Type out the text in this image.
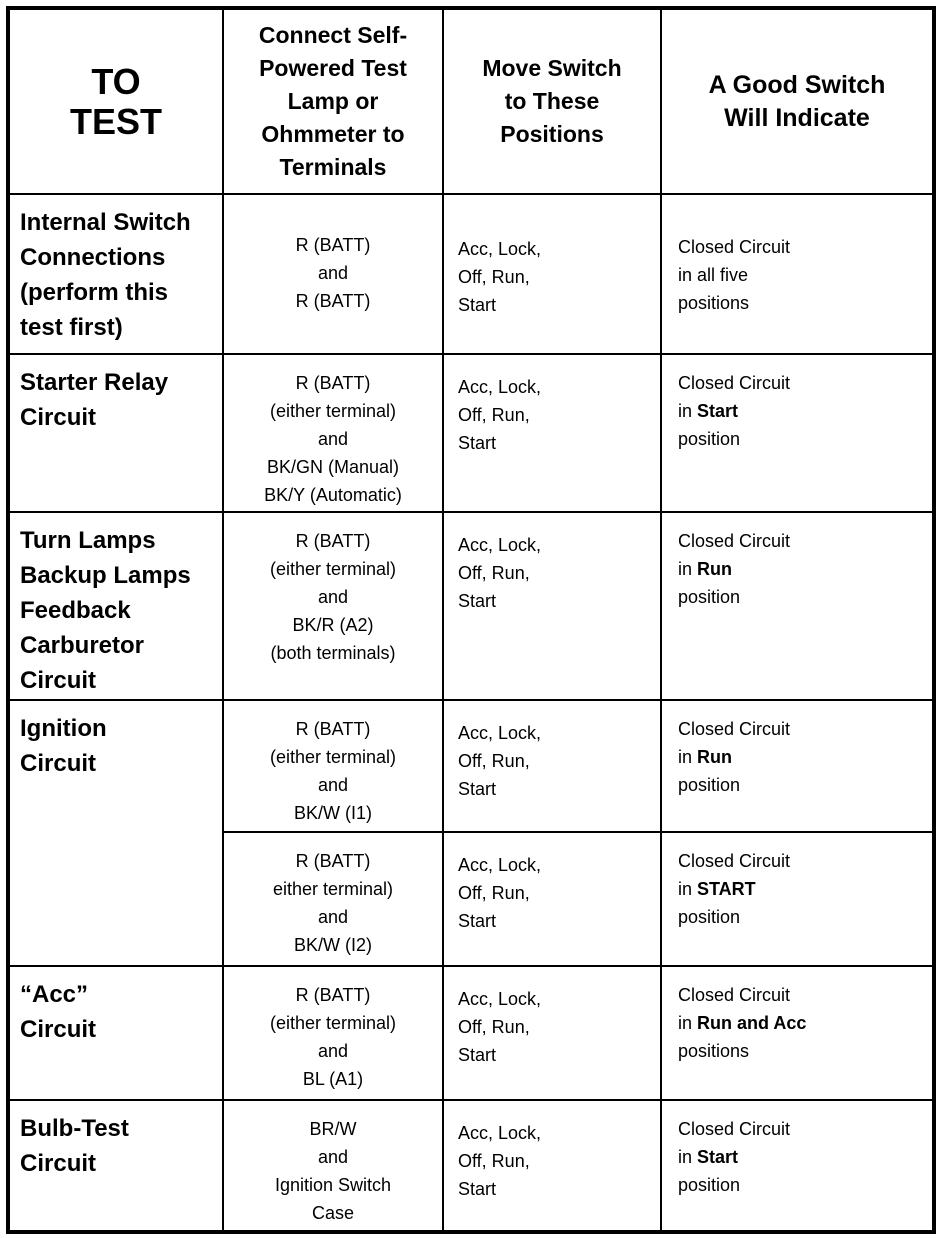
TO
TEST	Connect Self-
Powered Test
Lamp or
Ohmmeter to
Terminals	Move Switch
to These
Positions	A Good Switch
Will Indicate

Internal Switch
Connections
(perform this
test first)	R (BATT)
and
R (BATT)	Acc, Lock,
Off, Run,
Start	Closed Circuit
in all five
positions

Starter Relay
Circuit	R (BATT)
(either terminal)
and
BK/GN (Manual)
BK/Y (Automatic)	Acc, Lock,
Off, Run,
Start	Closed Circuit
in Start
position

Turn Lamps
Backup Lamps
Feedback
Carburetor
Circuit	R (BATT)
(either terminal)
and
BK/R (A2)
(both terminals)	Acc, Lock,
Off, Run,
Start	Closed Circuit
in Run
position

Ignition
Circuit	R (BATT)
(either terminal)
and
BK/W (I1)	Acc, Lock,
Off, Run,
Start	Closed Circuit
in Run
position

	R (BATT)
either terminal)
and
BK/W (I2)	Acc, Lock,
Off, Run,
Start	Closed Circuit
in START
position

“Acc”
Circuit	R (BATT)
(either terminal)
and
BL (A1)	Acc, Lock,
Off, Run,
Start	Closed Circuit
in Run and Acc
positions

Bulb-Test
Circuit	BR/W
and
Ignition Switch
Case	Acc, Lock,
Off, Run,
Start	Closed Circuit
in Start
position
